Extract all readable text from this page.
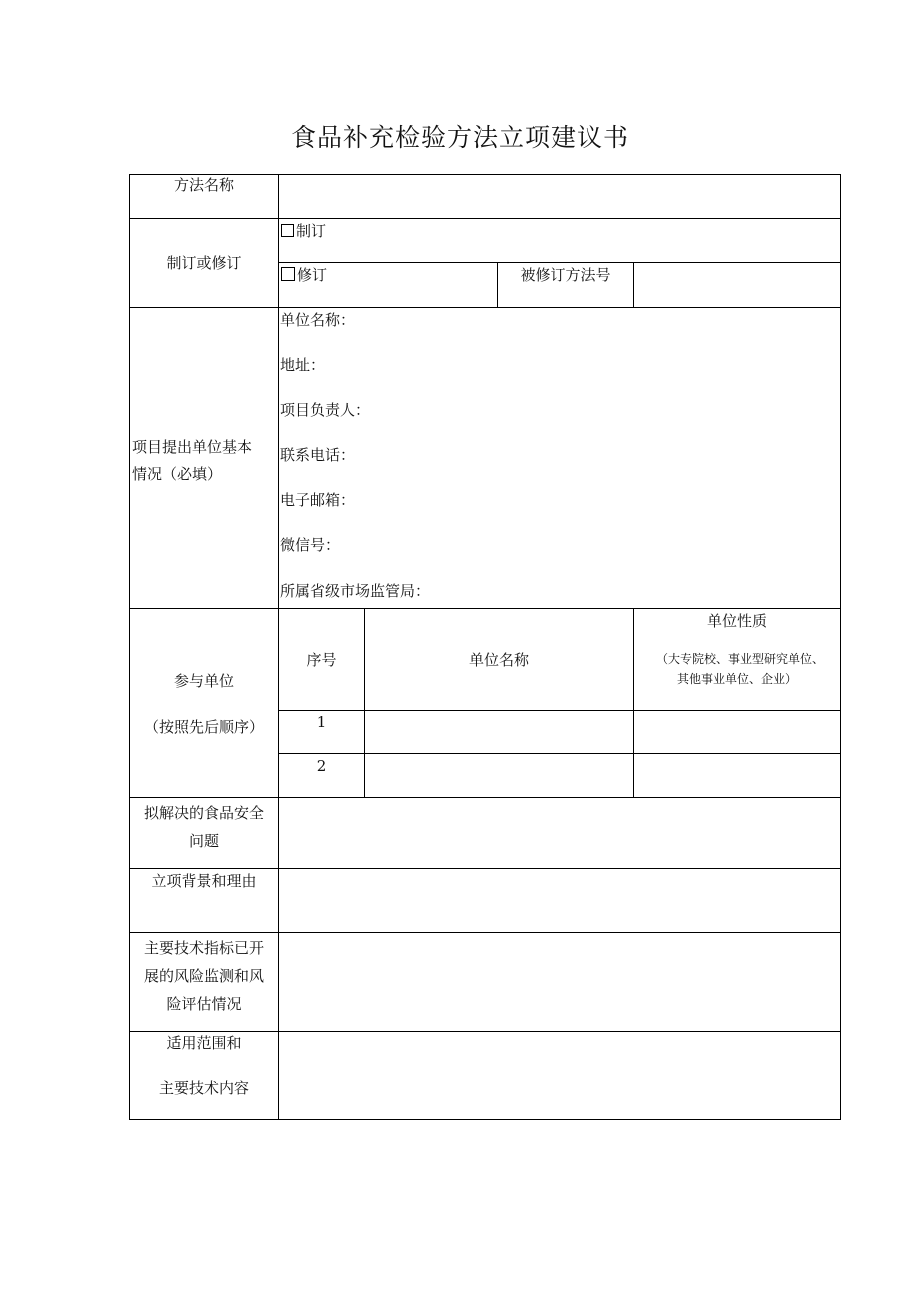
食品补充检验方法立项建议书
方法名称
制订或修订
制订
修订	被修订方法号
项目提出单位基本
情况（必填）
单位名称：
地址：
项目负责人：
联系电话：
电子邮箱：
微信号：
所属省级市场监管局：
参与单位
（按照先后顺序）
序号	单位名称
单位性质
（大专院校、事业型研究单位、
其他事业单位、企业）
1
2
拟解决的食品安全
问题
立项背景和理由
主要技术指标已开
展的风险监测和风
险评估情况
适用范围和
主要技术内容
